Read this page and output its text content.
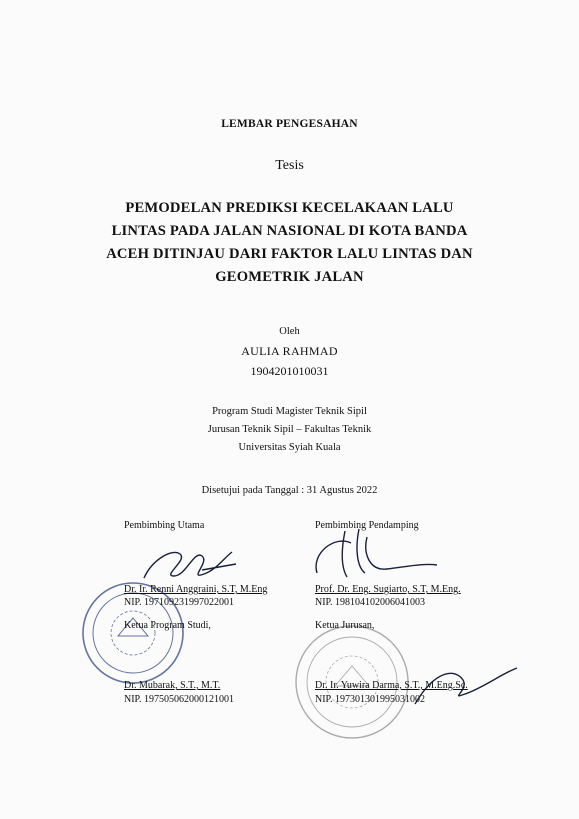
LEMBAR PENGESAHAN
Tesis
PEMODELAN PREDIKSI KECELAKAAN LALU
LINTAS PADA JALAN NASIONAL DI KOTA BANDA
ACEH DITINJAU DARI FAKTOR LALU LINTAS DAN
GEOMETRIK JALAN
Oleh
AULIA RAHMAD
1904201010031
Program Studi Magister Teknik Sipil
Jurusan Teknik Sipil – Fakultas Teknik
Universitas Syiah Kuala
Disetujui pada Tanggal : 31 Agustus 2022
Pembimbing Utama
Dr. Ir. Renni Anggraini, S.T, M.Eng
NIP. 197109231997022001
Ketua Program Studi,
Dr. Mubarak, S.T., M.T.
NIP. 197505062000121001
Pembimbing Pendamping
Prof. Dr. Eng. Sugiarto, S.T, M.Eng.
NIP. 198104102006041003
Ketua Jurusan,
Dr. Ir. Yuwira Darma, S.T., M.Eng.Sc.
NIP. 197301301995031002
